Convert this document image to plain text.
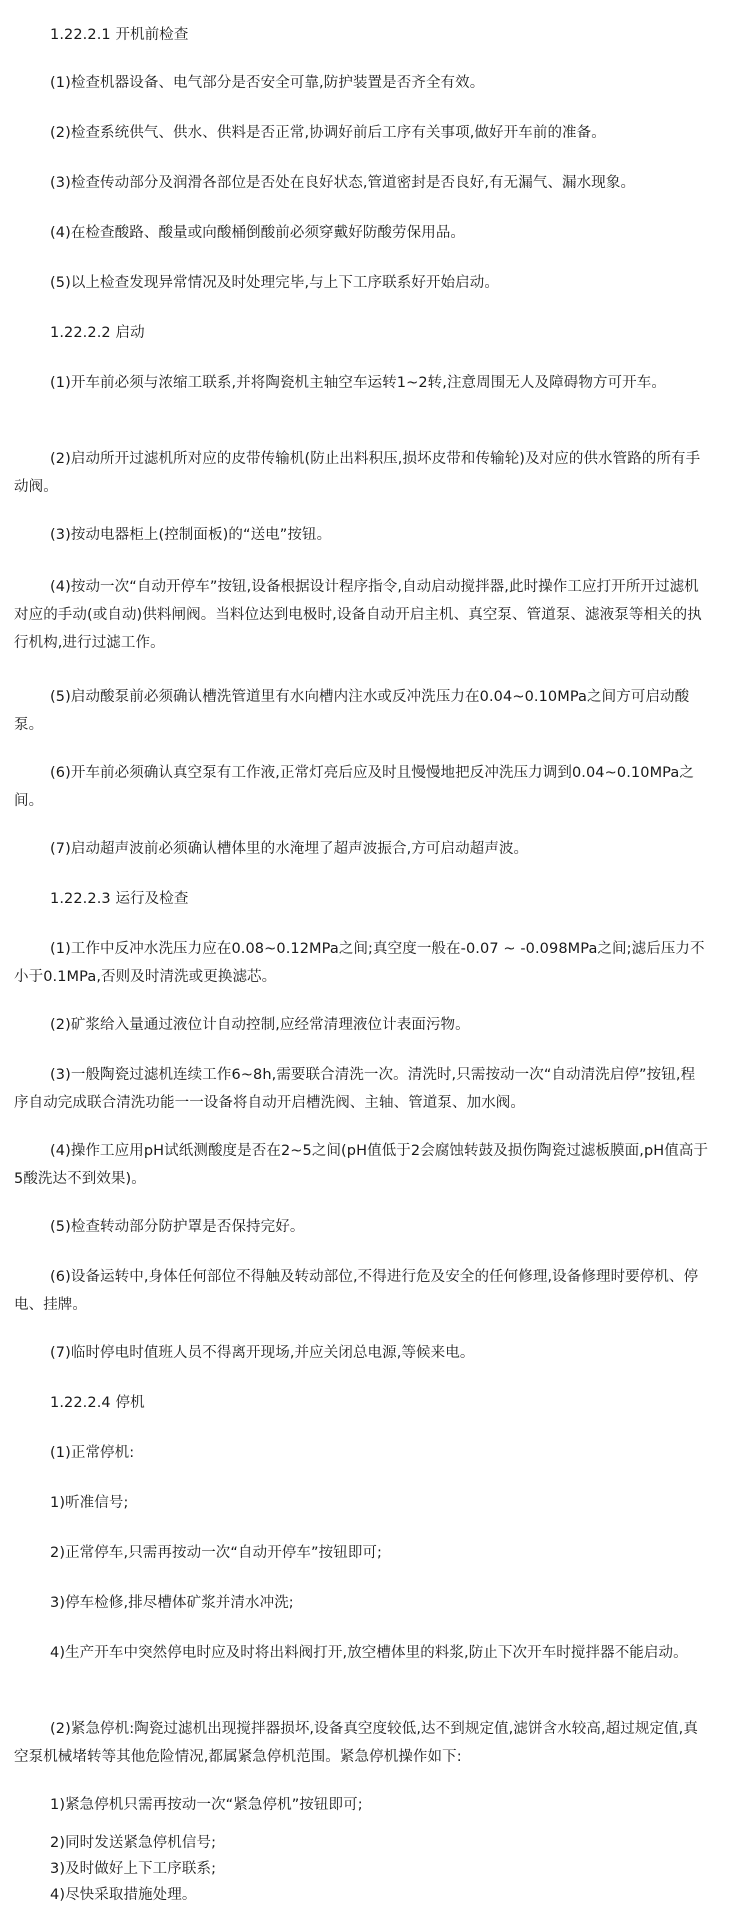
1.22.2.1 开机前检查

(1)检查机器设备、电气部分是否安全可靠,防护装置是否齐全有效。

(2)检查系统供气、供水、供料是否正常,协调好前后工序有关事项,做好开车前的准备。

(3)检查传动部分及润滑各部位是否处在良好状态,管道密封是否良好,有无漏气、漏水现象。

(4)在检查酸路、酸量或向酸桶倒酸前必须穿戴好防酸劳保用品。

(5)以上检查发现异常情况及时处理完毕,与上下工序联系好开始启动。

1.22.2.2 启动

(1)开车前必须与浓缩工联系,并将陶瓷机主轴空车运转1~2转,注意周围无人及障碍物方可开车。

(2)启动所开过滤机所对应的皮带传输机(防止出料积压,损坏皮带和传输轮)及对应的供水管路的所有手动阀。

(3)按动电器柜上(控制面板)的“送电”按钮。

(4)按动一次“自动开停车”按钮,设备根据设计程序指令,自动启动搅拌器,此时操作工应打开所开过滤机对应的手动(或自动)供料闸阀。当料位达到电极时,设备自动开启主机、真空泵、管道泵、滤液泵等相关的执行机构,进行过滤工作。

(5)启动酸泵前必须确认槽洗管道里有水向槽内注水或反冲洗压力在0.04~0.10MPa之间方可启动酸泵。

(6)开车前必须确认真空泵有工作液,正常灯亮后应及时且慢慢地把反冲洗压力调到0.04~0.10MPa之间。

(7)启动超声波前必须确认槽体里的水淹埋了超声波振合,方可启动超声波。

1.22.2.3 运行及检查

(1)工作中反冲水洗压力应在0.08~0.12MPa之间;真空度一般在-0.07 ~ -0.098MPa之间;滤后压力不小于0.1MPa,否则及时清洗或更换滤芯。

(2)矿浆给入量通过液位计自动控制,应经常清理液位计表面污物。

(3)一般陶瓷过滤机连续工作6~8h,需要联合清洗一次。清洗时,只需按动一次“自动清洗启停”按钮,程序自动完成联合清洗功能一一设备将自动开启槽洗阀、主轴、管道泵、加水阀。

(4)操作工应用pH试纸测酸度是否在2~5之间(pH值低于2会腐蚀转鼓及损伤陶瓷过滤板膜面,pH值高于5酸洗达不到效果)。

(5)检查转动部分防护罩是否保持完好。

(6)设备运转中,身体任何部位不得触及转动部位,不得进行危及安全的任何修理,设备修理时要停机、停电、挂牌。

(7)临时停电时值班人员不得离开现场,并应关闭总电源,等候来电。

1.22.2.4 停机

(1)正常停机:

1)听准信号;

2)正常停车,只需再按动一次“自动开停车”按钮即可;

3)停车检修,排尽槽体矿浆并清水冲洗;

4)生产开车中突然停电时应及时将出料阀打开,放空槽体里的料浆,防止下次开车时搅拌器不能启动。

(2)紧急停机:陶瓷过滤机出现搅拌器损坏,设备真空度较低,达不到规定值,滤饼含水较高,超过规定值,真空泵机械堵转等其他危险情况,都属紧急停机范围。紧急停机操作如下:

1)紧急停机只需再按动一次“紧急停机”按钮即可;

2)同时发送紧急停机信号;

3)及时做好上下工序联系;

4)尽快采取措施处理。
